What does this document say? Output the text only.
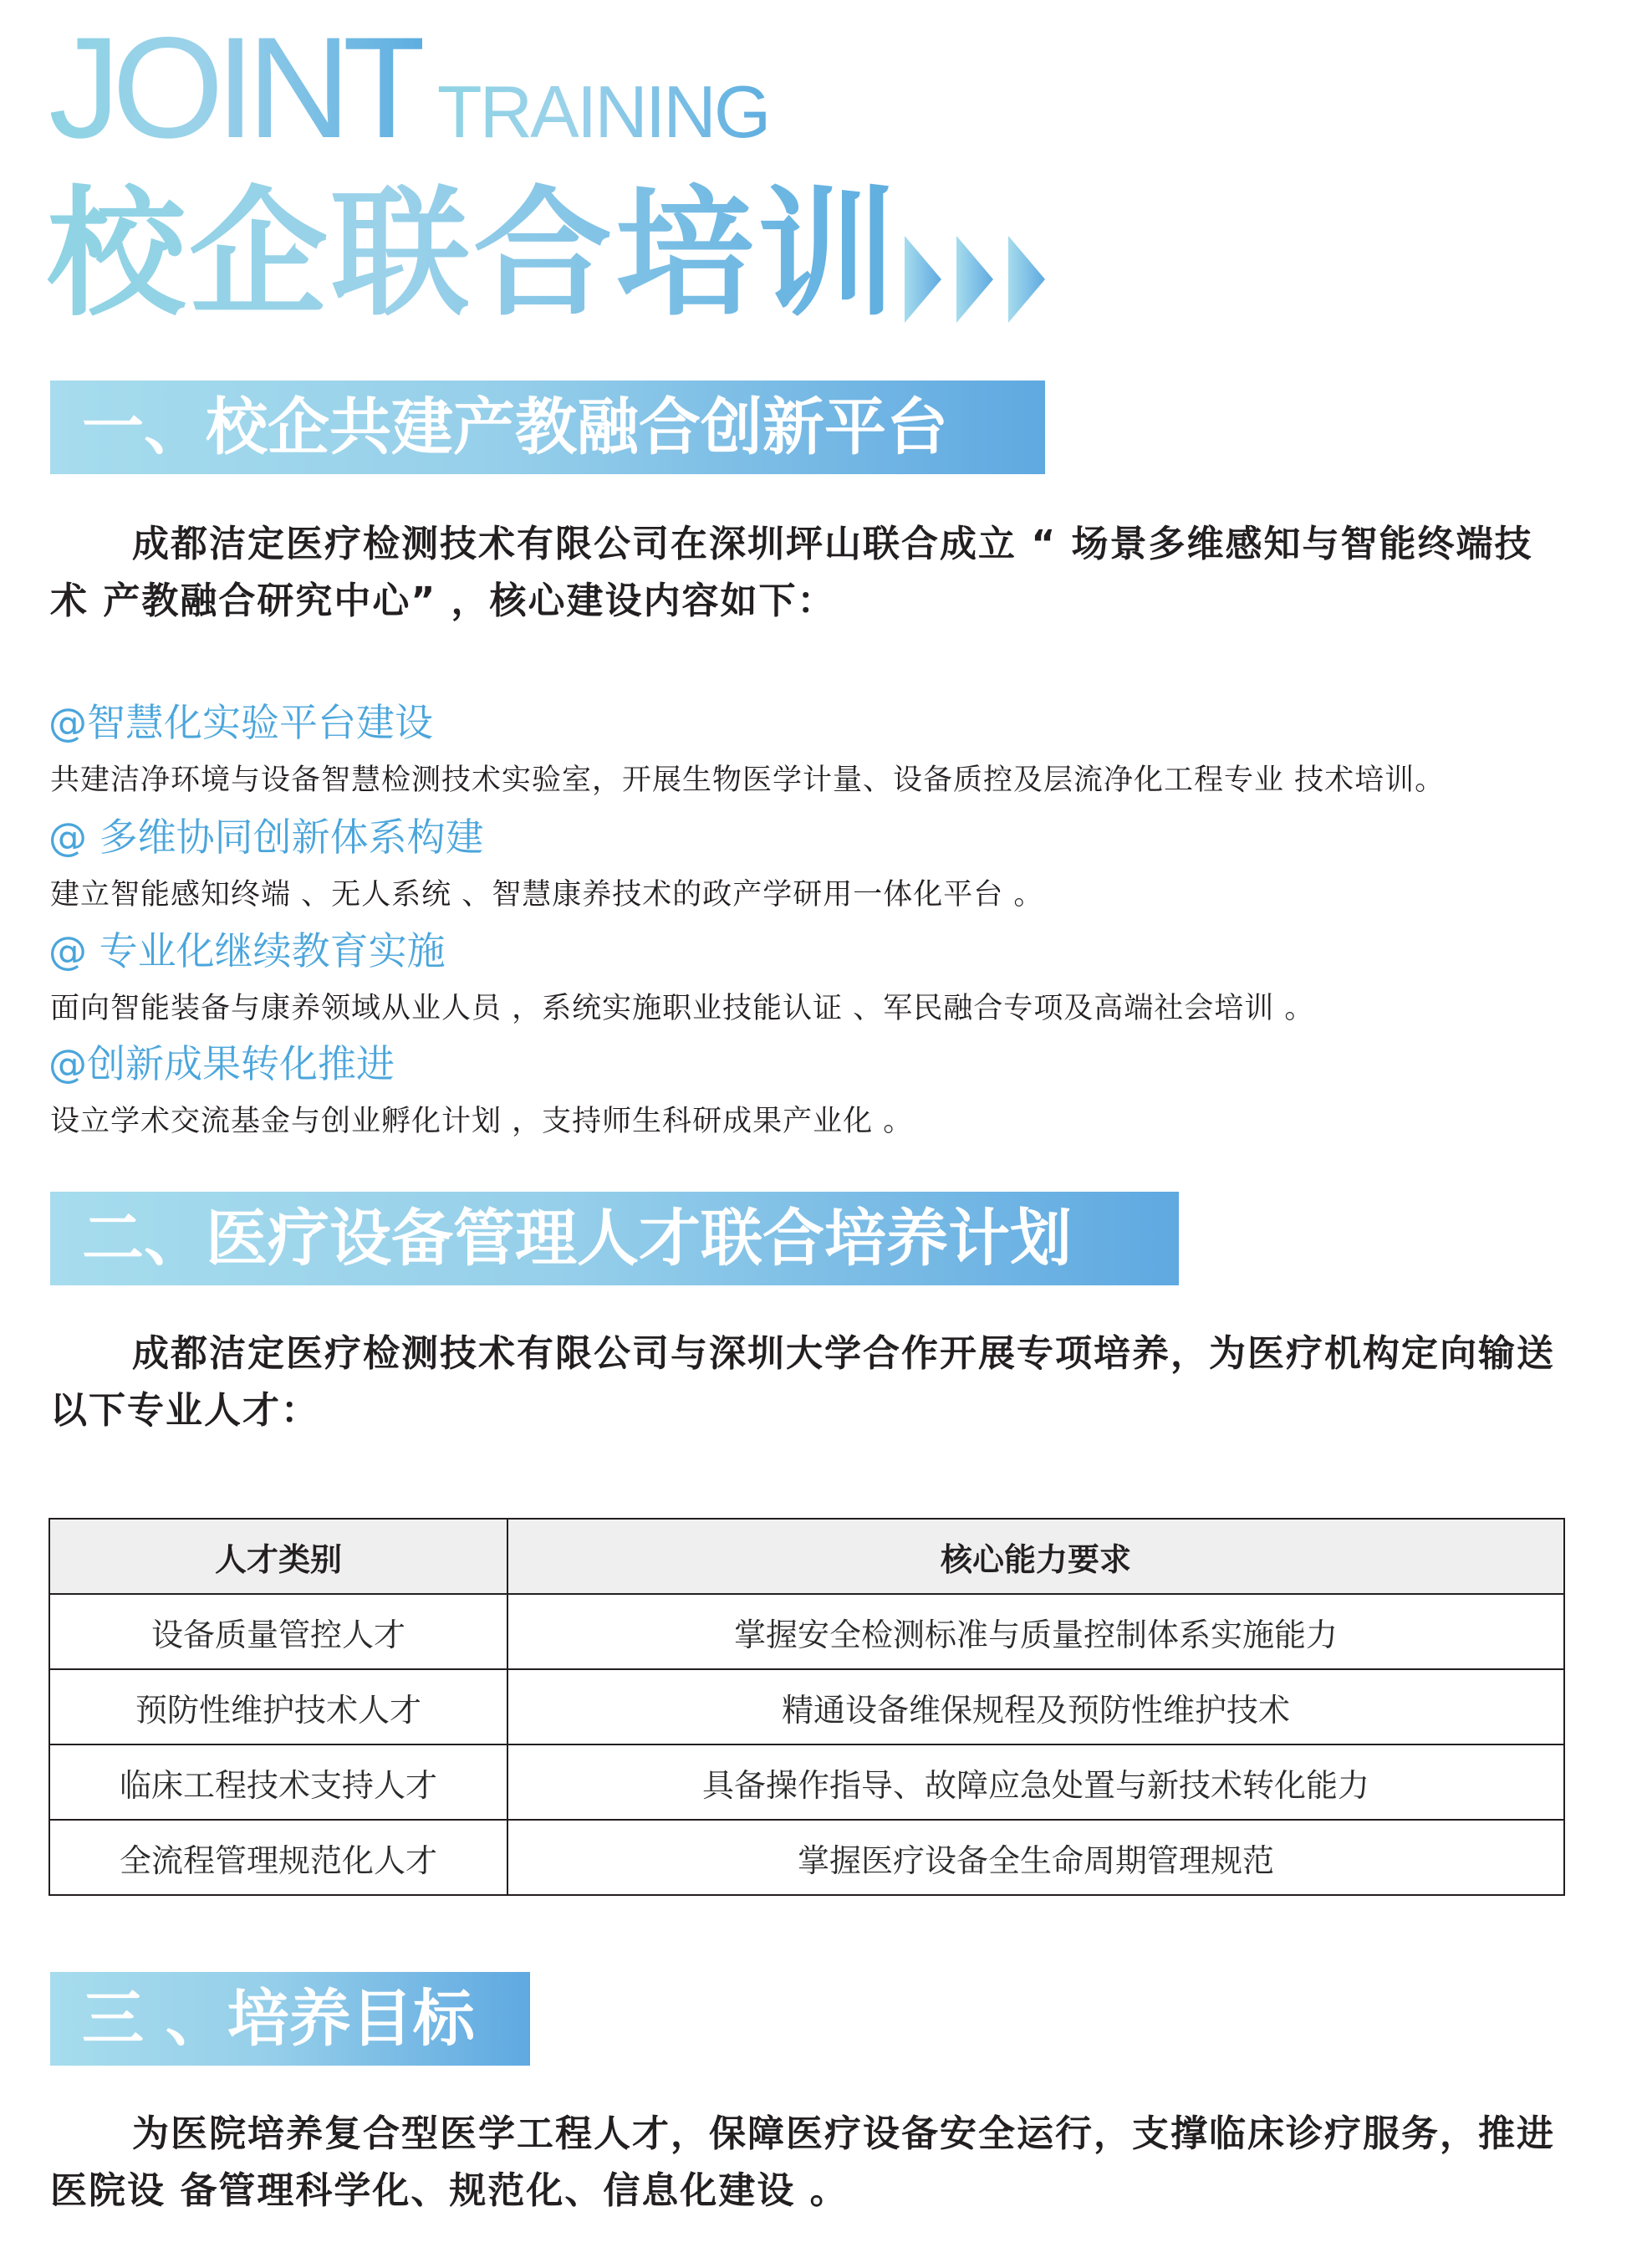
JOINT TRAINING
校企联合培训
一、校企共建产教融合创新平台
成都洁定医疗检测技术有限公司在深圳坪山联合成立 “ 场景多维感知与智能终端技术 产教融合研究中心” ，核心建设内容如下：
@智慧化实验平台建设
共建洁净环境与设备智慧检测技术实验室，开展生物医学计量、设备质控及层流净化工程专业 技术培训。
@ 多维协同创新体系构建
建立智能感知终端 、无人系统 、智慧康养技术的政产学研用一体化平台 。
@ 专业化继续教育实施
面向智能装备与康养领域从业人员 ，系统实施职业技能认证 、军民融合专项及高端社会培训 。
@创新成果转化推进
设立学术交流基金与创业孵化计划 ，支持师生科研成果产业化 。
二、医疗设备管理人才联合培养计划
成都洁定医疗检测技术有限公司与深圳大学合作开展专项培养，为医疗机构定向输送以下专业人才：
人才类别	核心能力要求
设备质量管控人才	掌握安全检测标准与质量控制体系实施能力
预防性维护技术人才	精通设备维保规程及预防性维护技术
临床工程技术支持人才	具备操作指导、故障应急处置与新技术转化能力
全流程管理规范化人才	掌握医疗设备全生命周期管理规范
三 、培养目标
为医院培养复合型医学工程人才，保障医疗设备安全运行，支撑临床诊疗服务，推进医院设 备管理科学化、规范化、信息化建设 。
